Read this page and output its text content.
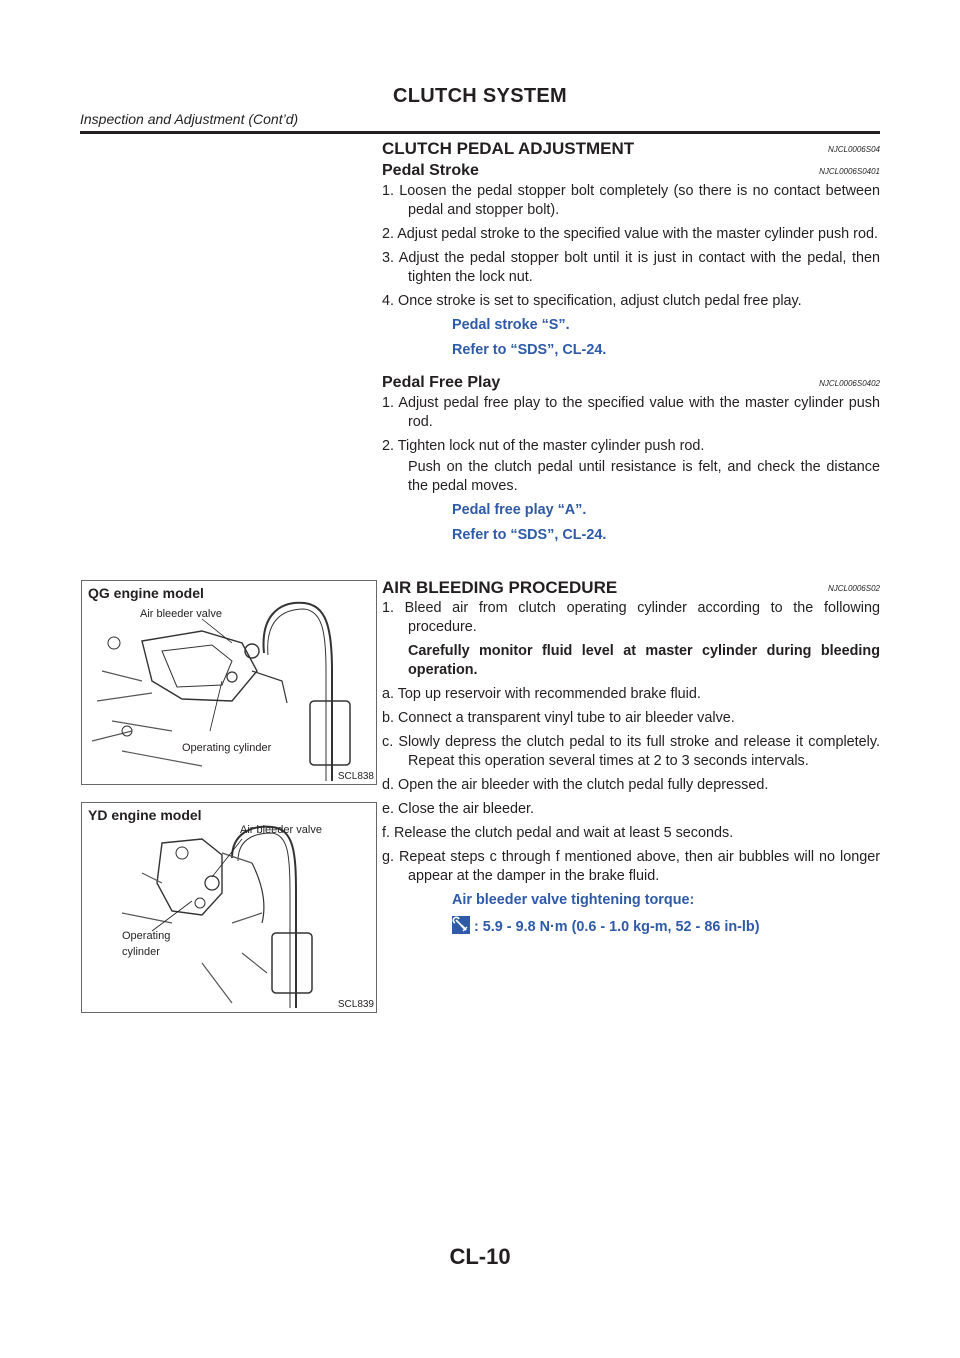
CLUTCH SYSTEM
Inspection and Adjustment (Cont’d)
CLUTCH PEDAL ADJUSTMENT	NJCL0006S04
Pedal Stroke	NJCL0006S0401

1. Loosen the pedal stopper bolt completely (so there is no contact between pedal and stopper bolt).

2. Adjust pedal stroke to the specified value with the master cylinder push rod.

3. Adjust the pedal stopper bolt until it is just in contact with the pedal, then tighten the lock nut.

4. Once stroke is set to specification, adjust clutch pedal free play.

Pedal stroke “S”.

Refer to “SDS”, CL-24.

Pedal Free Play	NJCL0006S0402

1. Adjust pedal free play to the specified value with the master cylinder push rod.

2. Tighten lock nut of the master cylinder push rod.

Push on the clutch pedal until resistance is felt, and check the distance the pedal moves.

Pedal free play “A”.

Refer to “SDS”, CL-24.

AIR BLEEDING PROCEDURE	NJCL0006S02

1. Bleed air from clutch operating cylinder according to the following procedure.

Carefully monitor fluid level at master cylinder during bleeding operation.

a. Top up reservoir with recommended brake fluid.

b. Connect a transparent vinyl tube to air bleeder valve.

c. Slowly depress the clutch pedal to its full stroke and release it completely. Repeat this operation several times at 2 to 3 seconds intervals.

d. Open the air bleeder with the clutch pedal fully depressed.

e. Close the air bleeder.

f. Release the clutch pedal and wait at least 5 seconds.

g. Repeat steps c through f mentioned above, then air bubbles will no longer appear at the damper in the brake fluid.

Air bleeder valve tightening torque:

: 5.9 - 9.8 N·m (0.6 - 1.0 kg-m, 52 - 86 in-lb)

Air bleeder valve
Operating cylinder
QG engine model
SCL838
Air bleeder valve
Operating
cylinder
YD engine model
SCL839
CL-10
